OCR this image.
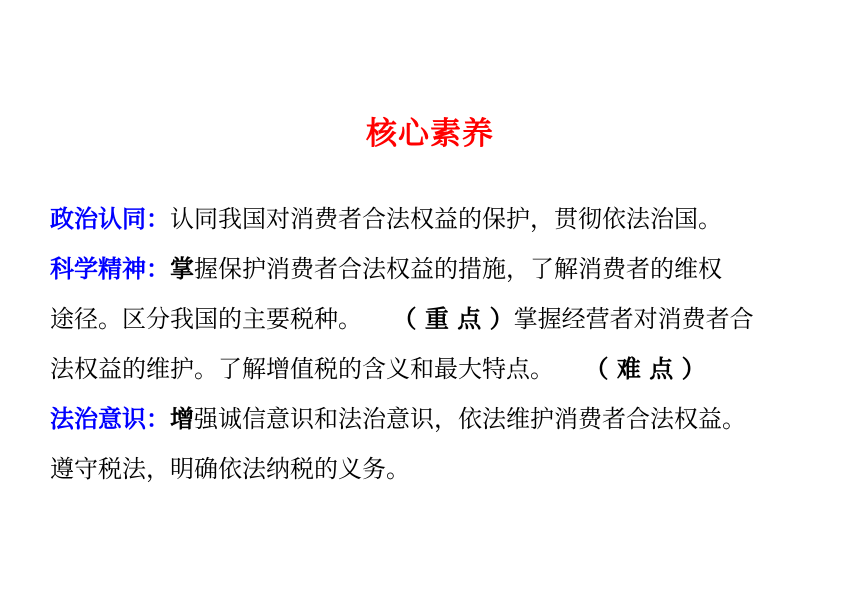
核心素养
政治认同：认同我国对消费者合法权益的保护，贯彻依法治国。
科学精神：掌握保护消费者合法权益的措施，了解消费者的维权
途径。区分我国的主要税种。 （ 重 点 ）掌握经营者对消费者合
法权益的维护。了解增值税的含义和最大特点。 （ 难 点 ）
法治意识：增强诚信意识和法治意识，依法维护消费者合法权益。
遵守税法，明确依法纳税的义务。
